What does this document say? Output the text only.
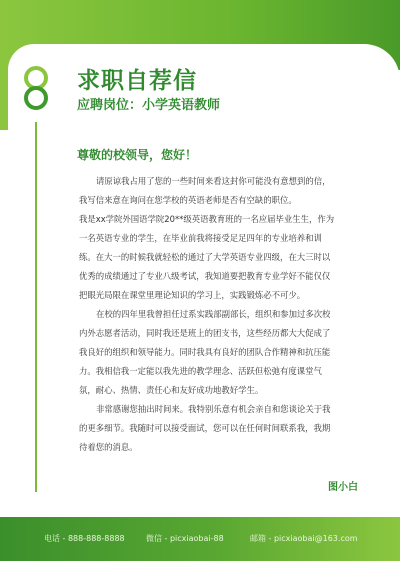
求职自荐信
应聘岗位：小学英语教师
尊敬的校领导，您好！

请原谅我占用了您的一些时间来看这封你可能没有意想到的信，

我写信来意在询问在您学校的英语老师是否有空缺的职位。

我是xx学院外国语学院20**级英语教育班的一名应届毕业生生，作为

一名英语专业的学生，在毕业前我将接受足足四年的专业培养和训

练。在大一的时候我就轻松的通过了大学英语专业四级，在大三时以

优秀的成绩通过了专业八级考试，我知道要把教育专业学好不能仅仅

把眼光局限在课堂里理论知识的学习上，实践锻炼必不可少。

在校的四年里我曾担任过系实践部副部长，组织和参加过多次校

内外志愿者活动，同时我还是班上的团支书，这些经历都大大促成了

我良好的组织和领导能力。同时我具有良好的团队合作精神和抗压能

力。我相信我一定能以我先进的教学理念、活跃但松弛有度课堂气

氛，耐心、热情、责任心和友好成功地教好学生。

非常感谢您抽出时间来。我特别乐意有机会亲自和您谈论关于我

的更多细节。我随时可以接受面试，您可以在任何时间联系我，我期

待着您的消息。

图小白
电话 - 888-888-8888	微信 - picxiaobai-88	邮箱 - picxiaobai@163.com
